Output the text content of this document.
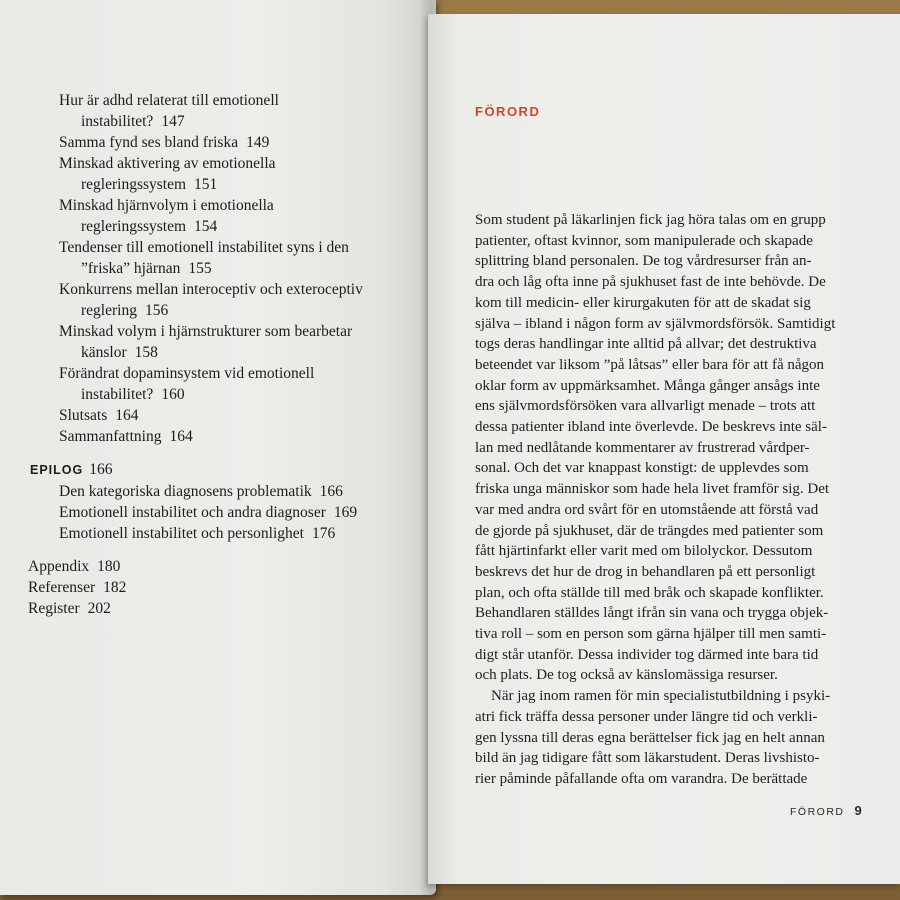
Hur är adhd relaterat till emotionell
instabilitet? 147
Samma fynd ses bland friska 149
Minskad aktivering av emotionella
regleringssystem 151
Minskad hjärnvolym i emotionella
regleringssystem 154
Tendenser till emotionell instabilitet syns i den
”friska” hjärnan 155
Konkurrens mellan interoceptiv och exteroceptiv
reglering 156
Minskad volym i hjärnstrukturer som bearbetar
känslor 158
Förändrat dopaminsystem vid emotionell
instabilitet? 160
Slutsats 164
Sammanfattning 164
EPILOG 166
Den kategoriska diagnosens problematik 166
Emotionell instabilitet och andra diagnoser 169
Emotionell instabilitet och personlighet 176
Appendix 180
Referenser 182
Register 202
FÖRORD
Som student på läkarlinjen fick jag höra talas om en grupp
patienter, oftast kvinnor, som manipulerade och skapade
splittring bland personalen. De tog vårdresurser från an-
dra och låg ofta inne på sjukhuset fast de inte behövde. De
kom till medicin- eller kirurgakuten för att de skadat sig
själva – ibland i någon form av självmordsförsök. Samtidigt
togs deras handlingar inte alltid på allvar; det destruktiva
beteendet var liksom ”på låtsas” eller bara för att få någon
oklar form av uppmärksamhet. Många gånger ansågs inte
ens självmordsförsöken vara allvarligt menade – trots att
dessa patienter ibland inte överlevde. De beskrevs inte säl-
lan med nedlåtande kommentarer av frustrerad vårdper-
sonal. Och det var knappast konstigt: de upplevdes som
friska unga människor som hade hela livet framför sig. Det
var med andra ord svårt för en utomstående att förstå vad
de gjorde på sjukhuset, där de trängdes med patienter som
fått hjärtinfarkt eller varit med om bilolyckor. Dessutom
beskrevs det hur de drog in behandlaren på ett personligt
plan, och ofta ställde till med bråk och skapade konflikter.
Behandlaren ställdes långt ifrån sin vana och trygga objek-
tiva roll – som en person som gärna hjälper till men samti-
digt står utanför. Dessa individer tog därmed inte bara tid
och plats. De tog också av känslomässiga resurser.
När jag inom ramen för min specialistutbildning i psyki-
atri fick träffa dessa personer under längre tid och verkli-
gen lyssna till deras egna berättelser fick jag en helt annan
bild än jag tidigare fått som läkarstudent. Deras livshisto-
rier påminde påfallande ofta om varandra. De berättade
FÖRORD 9
